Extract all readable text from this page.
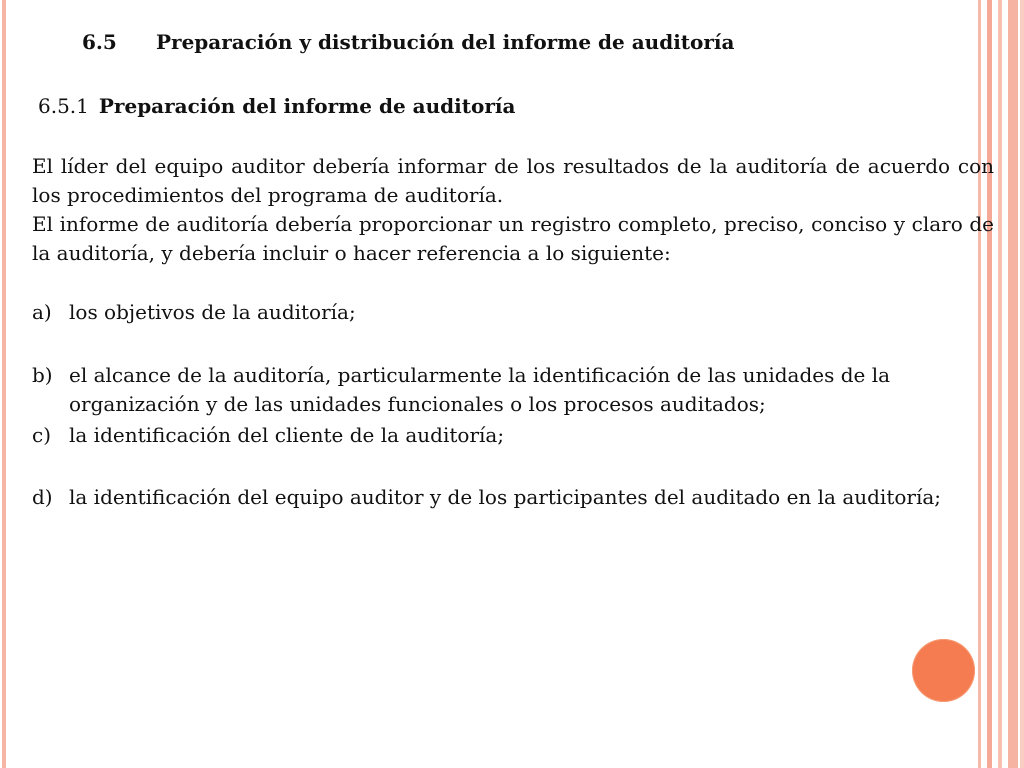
6.5 Preparación y distribución del informe de auditoría
6.5.1 Preparación del informe de auditoría
El líder del equipo auditor debería informar de los resultados de la auditoría de acuerdo con los procedimientos del programa de auditoría.
El informe de auditoría debería proporcionar un registro completo, preciso, conciso y claro de la auditoría, y debería incluir o hacer referencia a lo siguiente:
a) los objetivos de la auditoría;
b) el alcance de la auditoría, particularmente la identificación de las unidades de la organización y de las unidades funcionales o los procesos auditados;
c) la identificación del cliente de la auditoría;
d) la identificación del equipo auditor y de los participantes del auditado en la auditoría;
